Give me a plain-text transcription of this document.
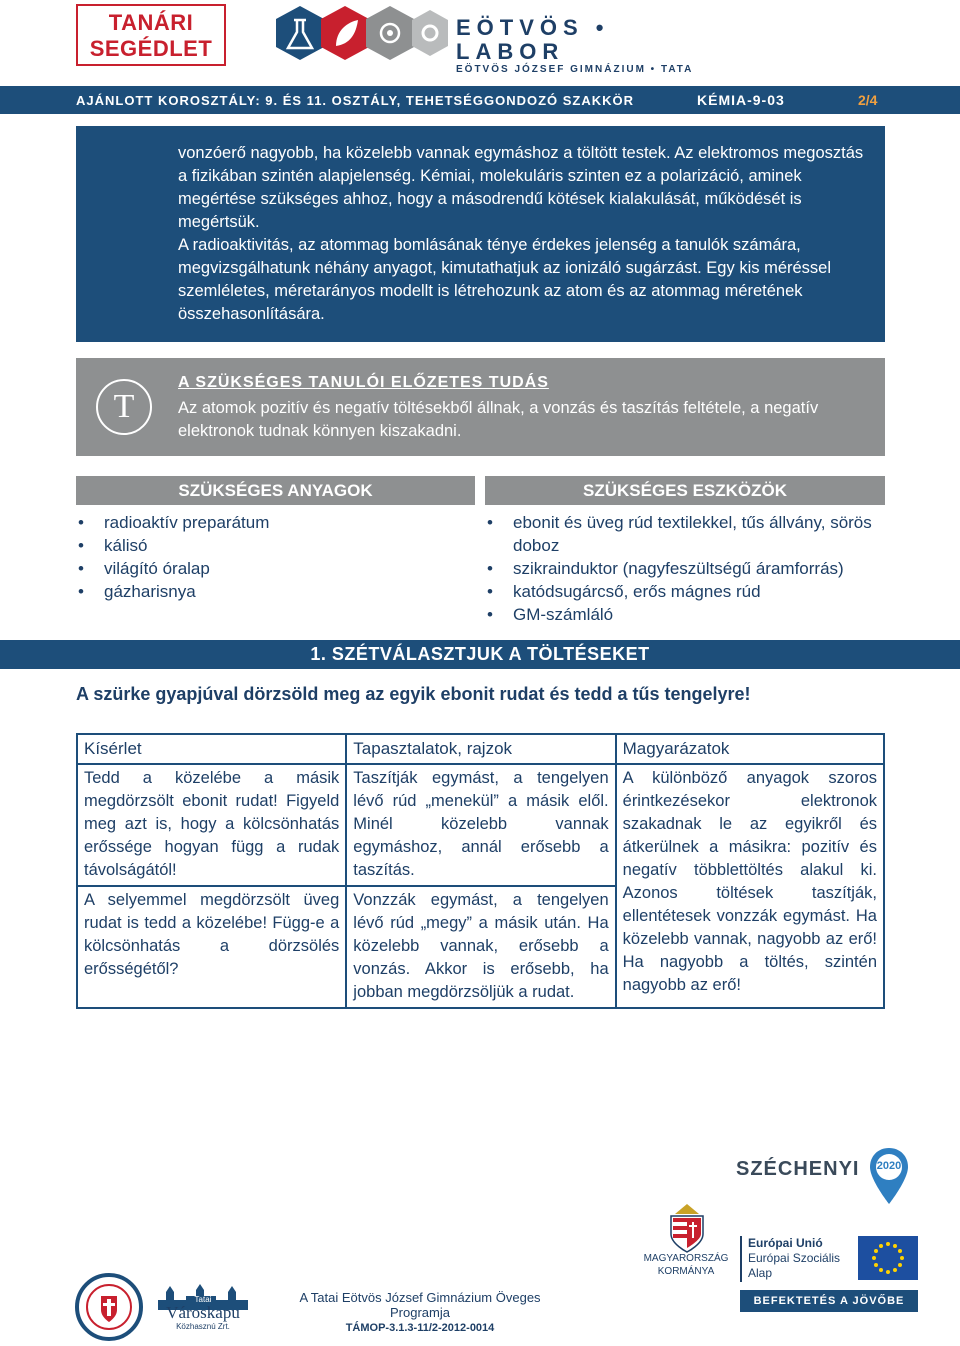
TANÁRI
SEGÉDLET
EÖTVÖS • LABOR
EÖTVÖS JÓZSEF GIMNÁZIUM • TATA
AJÁNLOTT KOROSZTÁLY: 9. ÉS 11. OSZTÁLY, TEHETSÉGGONDOZÓ SZAKKÖR	KÉMIA-9-03	2/4

vonzóerő nagyobb, ha közelebb vannak egymáshoz a töltött testek. Az elektromos megosztás a fizikában szintén alapjelenség. Kémiai, molekuláris szinten ez a polarizáció, aminek megértése szükséges ahhoz, hogy a másodrendű kötések kialakulását, működését is megértsük.

A radioaktivitás, az atommag bomlásának ténye érdekes jelenség a tanulók számára, megvizsgálhatunk néhány anyagot, kimutathatjuk az ionizáló sugárzást. Egy kis méréssel szemléletes, méretarányos modellt is létrehozunk az atom és az atommag méretének összehasonlítására.

T
A SZÜKSÉGES TANULÓI ELŐZETES TUDÁS
Az atomok pozitív és negatív töltésekből állnak, a vonzás és taszítás feltétele, a negatív elektronok tudnak könnyen kiszakadni.
SZÜKSÉGES ANYAGOK	SZÜKSÉGES ESZKÖZÖK
• radioaktív preparátum
• kálisó
• világító óralap
• gázharisnya
• ebonit és üveg rúd textilekkel, tűs állvány, sörös doboz
• szikrainduktor (nagyfeszültségű áramforrás)
• katódsugárcső, erős mágnes rúd
• GM-számláló
1. SZÉTVÁLASZTJUK A TÖLTÉSEKET
A szürke gyapjúval dörzsöld meg az egyik ebonit rudat és tedd a tűs tengelyre!
Kísérlet	Tapasztalatok, rajzok	Magyarázatok
Tedd a közelébe a másik megdörzsölt ebonit rudat! Figyeld meg azt is, hogy a kölcsönhatás erőssége hogyan függ a rudak távolságától!	Taszítják egymást, a tengelyen lévő rúd „menekül” a másik elől. Minél közelebb vannak egymáshoz, annál erősebb a taszítás.	A különböző anyagok szoros érintkezésekor elektronok szakadnak le az egyikről és átkerülnek a másikra: pozitív és negatív többlettöltés alakul ki. Azonos töltések taszítják, ellentétesek vonzzák egymást. Ha közelebb vannak, nagyobb az erő! Ha nagyobb a töltés, szintén nagyobb az erő!
A selyemmel megdörzsölt üveg rudat is tedd a közelébe! Függ-e a kölcsönhatás a dörzsölés erősségétől?	Vonzzák egymást, a tengelyen lévő rúd „megy” a másik után. Ha közelebb vannak, erősebb a vonzás. Akkor is erősebb, ha jobban megdörzsöljük a rudat.	
Tatai
Városkapu
Közhasznú Zrt.
A Tatai Eötvös József Gimnázium Öveges Programja
TÁMOP-3.1.3-11/2-2012-0014
MAGYARORSZÁG
KORMÁNYA
SZÉCHENYI	2020
Európai Unió
Európai Szociális
Alap
BEFEKTETÉS A JÖVŐBE
